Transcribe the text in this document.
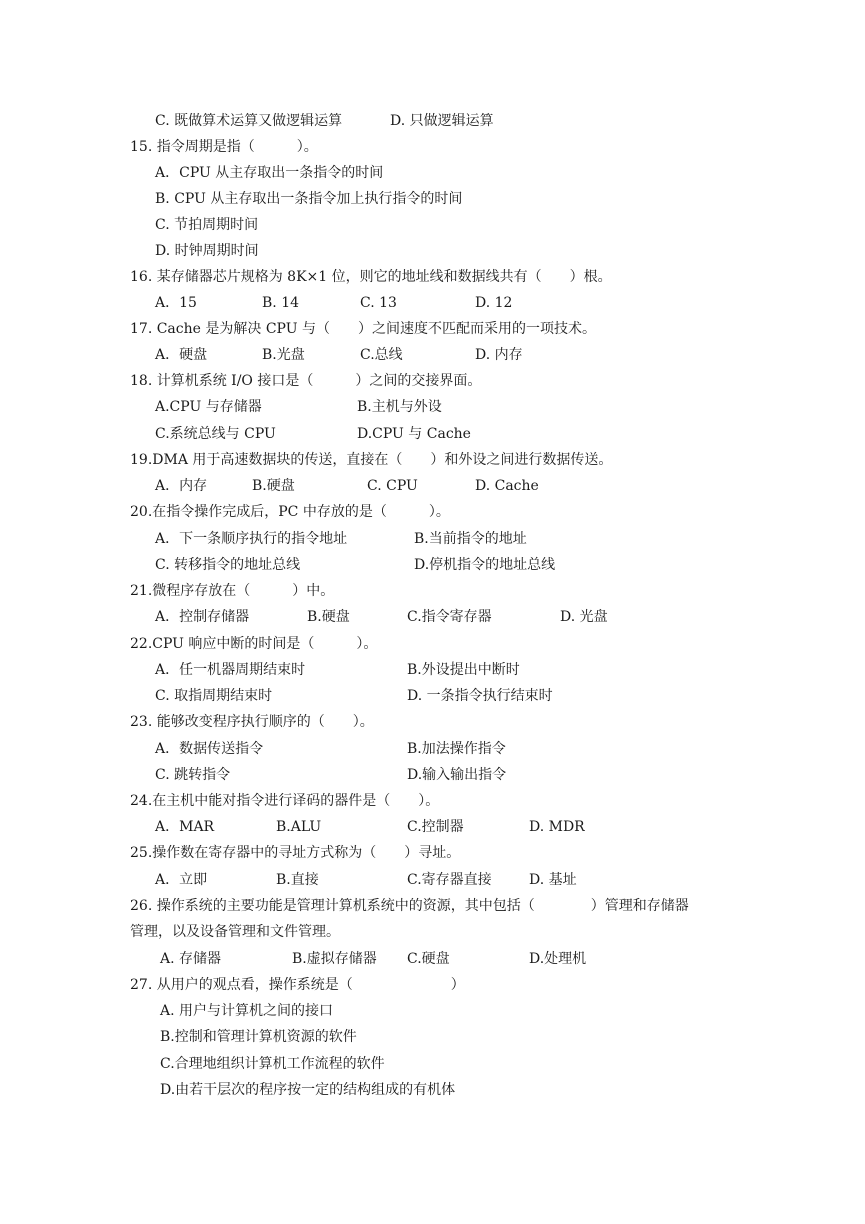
C. 既做算术运算又做逻辑运算	D. 只做逻辑运算
15. 指令周期是指（　　　）。
A．CPU 从主存取出一条指令的时间
B. CPU 从主存取出一条指令加上执行指令的时间
C. 节拍周期时间
D. 时钟周期时间
16. 某存储器芯片规格为 8K×1 位，则它的地址线和数据线共有（　　）根。
A．15	B. 14	C. 13	D. 12
17. Cache 是为解决 CPU 与（　　）之间速度不匹配而采用的一项技术。
A．硬盘	B.光盘	C.总线	D. 内存
18. 计算机系统 I/O 接口是（　　　）之间的交接界面。
A.CPU 与存储器	B.主机与外设
C.系统总线与 CPU	D.CPU 与 Cache
19.DMA 用于高速数据块的传送，直接在（　　）和外设之间进行数据传送。
A．内存	B.硬盘	C. CPU	D. Cache
20.在指令操作完成后，PC 中存放的是（　　　）。
A．下一条顺序执行的指令地址	B.当前指令的地址
C. 转移指令的地址总线	D.停机指令的地址总线
21.微程序存放在（　　　）中。
A．控制存储器	B.硬盘	C.指令寄存器	D. 光盘
22.CPU 响应中断的时间是（　　　）。
A．任一机器周期结束时	B.外设提出中断时
C. 取指周期结束时	D. 一条指令执行结束时
23. 能够改变程序执行顺序的（　　）。
A．数据传送指令	B.加法操作指令
C. 跳转指令	D.输入输出指令
24.在主机中能对指令进行译码的器件是（　　）。
A．MAR	B.ALU	C.控制器	D. MDR
25.操作数在寄存器中的寻址方式称为（　　）寻址。
A．立即	B.直接	C.寄存器直接	D. 基址
26. 操作系统的主要功能是管理计算机系统中的资源，其中包括（　　　　）管理和存储器
管理，以及设备管理和文件管理。
A. 存储器	B.虚拟存储器 C.硬盘	D.处理机
27. 从用户的观点看，操作系统是（　　　　　　　）
A. 用户与计算机之间的接口
B.控制和管理计算机资源的软件
C.合理地组织计算机工作流程的软件
D.由若干层次的程序按一定的结构组成的有机体
